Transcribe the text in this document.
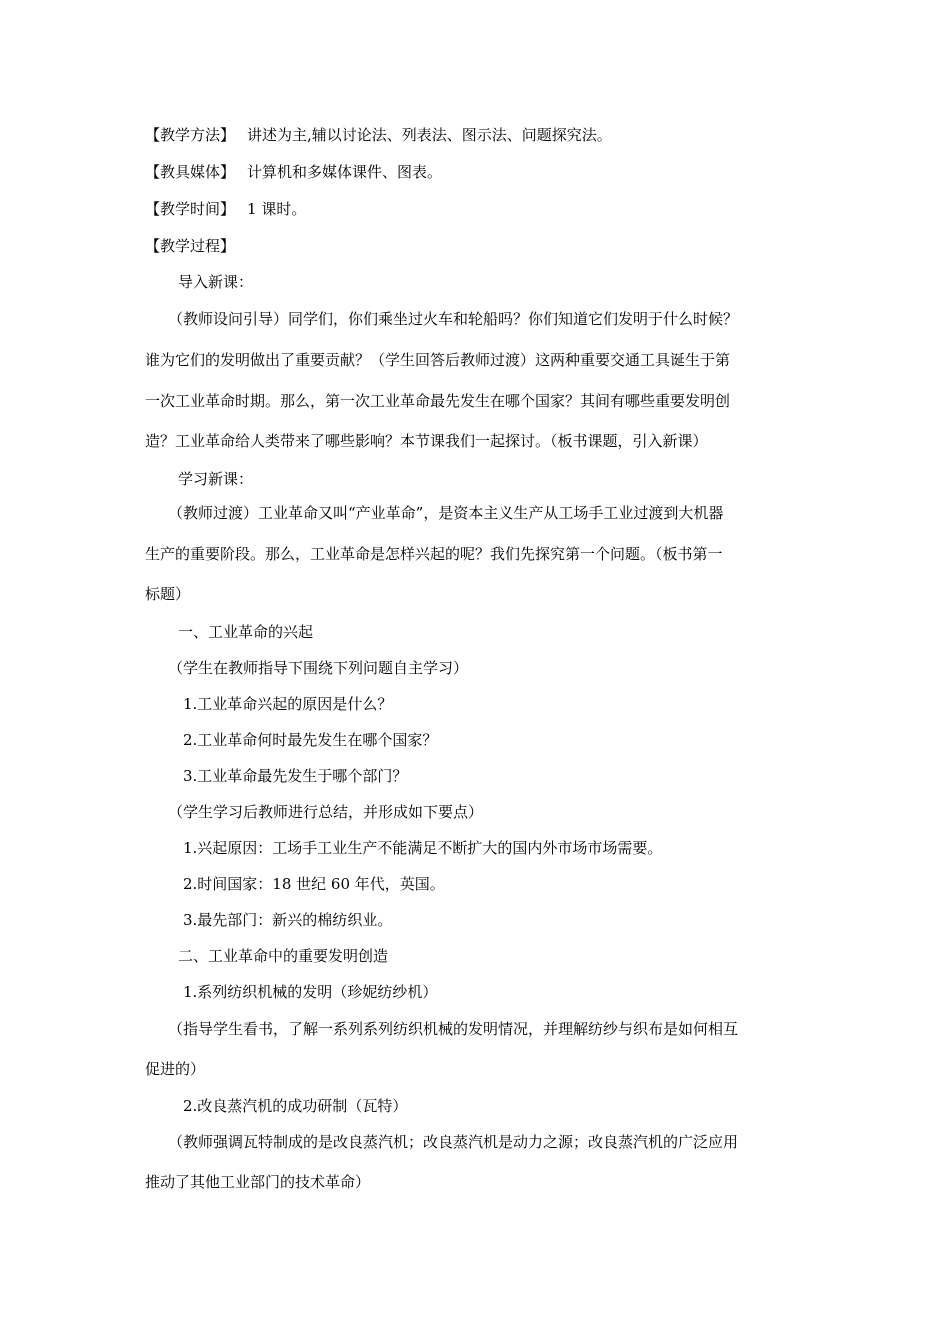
【教学方法】 讲述为主,辅以讨论法、列表法、图示法、问题探究法。
【教具媒体】 计算机和多媒体课件、图表。
【教学时间】 1 课时。
【教学过程】
导入新课：
（教师设问引导）同学们，你们乘坐过火车和轮船吗？你们知道它们发明于什么时候？
谁为它们的发明做出了重要贡献？（学生回答后教师过渡）这两种重要交通工具诞生于第
一次工业革命时期。那么，第一次工业革命最先发生在哪个国家？其间有哪些重要发明创
造？工业革命给人类带来了哪些影响？本节课我们一起探讨。（板书课题，引入新课）
学习新课：
（教师过渡）工业革命又叫“产业革命”，是资本主义生产从工场手工业过渡到大机器
生产的重要阶段。那么，工业革命是怎样兴起的呢？我们先探究第一个问题。（板书第一
标题）
一、工业革命的兴起
（学生在教师指导下围绕下列问题自主学习）
1.工业革命兴起的原因是什么？
2.工业革命何时最先发生在哪个国家？
3.工业革命最先发生于哪个部门？
（学生学习后教师进行总结，并形成如下要点）
1.兴起原因：工场手工业生产不能满足不断扩大的国内外市场市场需要。
2.时间国家：18 世纪 60 年代，英国。
3.最先部门：新兴的棉纺织业。
二、工业革命中的重要发明创造
1.系列纺织机械的发明（珍妮纺纱机）
（指导学生看书，了解一系列系列纺织机械的发明情况，并理解纺纱与织布是如何相互
促进的）
2.改良蒸汽机的成功研制（瓦特）
（教师强调瓦特制成的是改良蒸汽机；改良蒸汽机是动力之源；改良蒸汽机的广泛应用
推动了其他工业部门的技术革命）
